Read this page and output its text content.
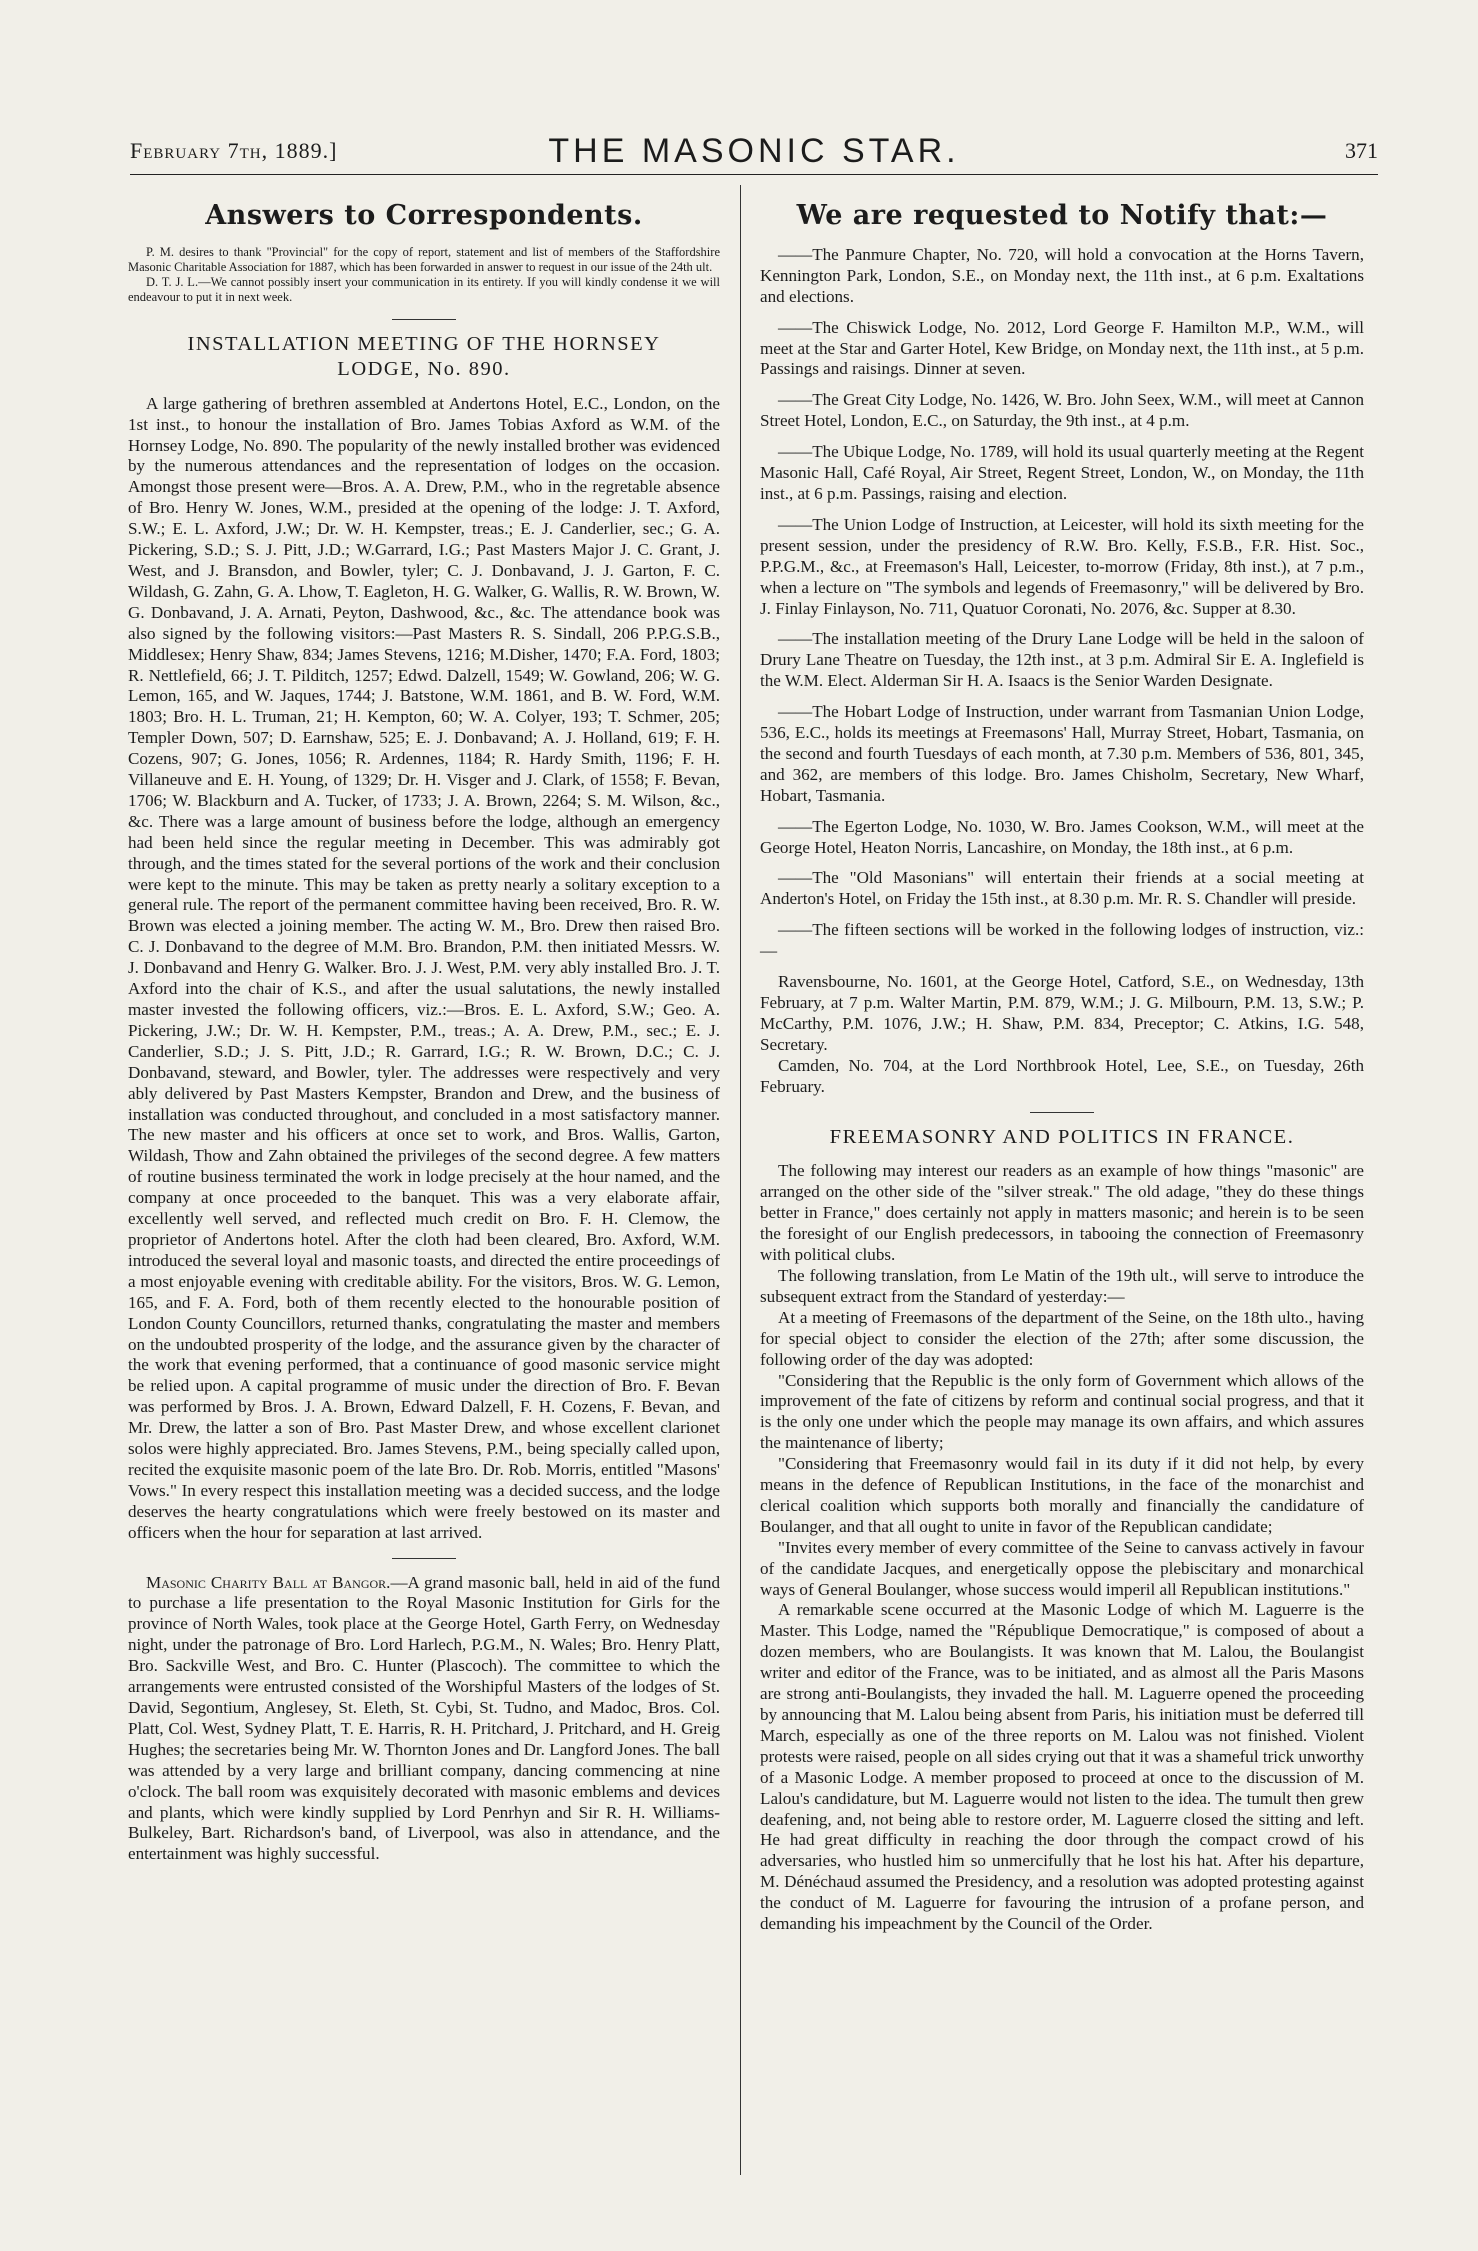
February 7th, 1889.]	THE MASONIC STAR.	371

Answers to Correspondents.

P. M. desires to thank "Provincial" for the copy of report, statement and list of members of the Staffordshire Masonic Charitable Association for 1887, which has been forwarded in answer to request in our issue of the 24th ult.

D. T. J. L.—We cannot possibly insert your communication in its entirety. If you will kindly condense it we will endeavour to put it in next week.

INSTALLATION MEETING OF THE HORNSEY

LODGE, No. 890.

A large gathering of brethren assembled at Andertons Hotel, E.C., London, on the 1st inst., to honour the installation of Bro. James Tobias Axford as W.M. of the Hornsey Lodge, No. 890. The popularity of the newly installed brother was evidenced by the numerous attendances and the representation of lodges on the occasion. Amongst those present were—Bros. A. A. Drew, P.M., who in the regretable absence of Bro. Henry W. Jones, W.M., presided at the opening of the lodge: J. T. Axford, S.W.; E. L. Axford, J.W.; Dr. W. H. Kempster, treas.; E. J. Canderlier, sec.; G. A. Pickering, S.D.; S. J. Pitt, J.D.; W.Garrard, I.G.; Past Masters Major J. C. Grant, J. West, and J. Bransdon, and Bowler, tyler; C. J. Donbavand, J. J. Garton, F. C. Wildash, G. Zahn, G. A. Lhow, T. Eagleton, H. G. Walker, G. Wallis, R. W. Brown, W. G. Donbavand, J. A. Arnati, Peyton, Dashwood, &c., &c. The attendance book was also signed by the following visitors:—Past Masters R. S. Sindall, 206 P.P.G.S.B., Middlesex; Henry Shaw, 834; James Stevens, 1216; M.Disher, 1470; F.A. Ford, 1803; R. Nettlefield, 66; J. T. Pilditch, 1257; Edwd. Dalzell, 1549; W. Gowland, 206; W. G. Lemon, 165, and W. Jaques, 1744; J. Batstone, W.M. 1861, and B. W. Ford, W.M. 1803; Bro. H. L. Truman, 21; H. Kempton, 60; W. A. Colyer, 193; T. Schmer, 205; Templer Down, 507; D. Earnshaw, 525; E. J. Donbavand; A. J. Holland, 619; F. H. Cozens, 907; G. Jones, 1056; R. Ardennes, 1184; R. Hardy Smith, 1196; F. H. Villaneuve and E. H. Young, of 1329; Dr. H. Visger and J. Clark, of 1558; F. Bevan, 1706; W. Blackburn and A. Tucker, of 1733; J. A. Brown, 2264; S. M. Wilson, &c., &c. There was a large amount of business before the lodge, although an emergency had been held since the regular meeting in December. This was admirably got through, and the times stated for the several portions of the work and their conclusion were kept to the minute. This may be taken as pretty nearly a solitary exception to a general rule. The report of the permanent committee having been received, Bro. R. W. Brown was elected a joining member. The acting W. M., Bro. Drew then raised Bro. C. J. Donbavand to the degree of M.M. Bro. Brandon, P.M. then initiated Messrs. W. J. Donbavand and Henry G. Walker. Bro. J. J. West, P.M. very ably installed Bro. J. T. Axford into the chair of K.S., and after the usual salutations, the newly installed master invested the following officers, viz.:—Bros. E. L. Axford, S.W.; Geo. A. Pickering, J.W.; Dr. W. H. Kempster, P.M., treas.; A. A. Drew, P.M., sec.; E. J. Canderlier, S.D.; J. S. Pitt, J.D.; R. Garrard, I.G.; R. W. Brown, D.C.; C. J. Donbavand, steward, and Bowler, tyler. The addresses were respectively and very ably delivered by Past Masters Kempster, Brandon and Drew, and the business of installation was conducted throughout, and concluded in a most satisfactory manner. The new master and his officers at once set to work, and Bros. Wallis, Garton, Wildash, Thow and Zahn obtained the privileges of the second degree. A few matters of routine business terminated the work in lodge precisely at the hour named, and the company at once proceeded to the banquet. This was a very elaborate affair, excellently well served, and reflected much credit on Bro. F. H. Clemow, the proprietor of Andertons hotel. After the cloth had been cleared, Bro. Axford, W.M. introduced the several loyal and masonic toasts, and directed the entire proceedings of a most enjoyable evening with creditable ability. For the visitors, Bros. W. G. Lemon, 165, and F. A. Ford, both of them recently elected to the honourable position of London County Councillors, returned thanks, congratulating the master and members on the undoubted prosperity of the lodge, and the assurance given by the character of the work that evening performed, that a continuance of good masonic service might be relied upon. A capital programme of music under the direction of Bro. F. Bevan was performed by Bros. J. A. Brown, Edward Dalzell, F. H. Cozens, F. Bevan, and Mr. Drew, the latter a son of Bro. Past Master Drew, and whose excellent clarionet solos were highly appreciated. Bro. James Stevens, P.M., being specially called upon, recited the exquisite masonic poem of the late Bro. Dr. Rob. Morris, entitled "Masons' Vows." In every respect this installation meeting was a decided success, and the lodge deserves the hearty congratulations which were freely bestowed on its master and officers when the hour for separation at last arrived.

Masonic Charity Ball at Bangor.—A grand masonic ball, held in aid of the fund to purchase a life presentation to the Royal Masonic Institution for Girls for the province of North Wales, took place at the George Hotel, Garth Ferry, on Wednesday night, under the patronage of Bro. Lord Harlech, P.G.M., N. Wales; Bro. Henry Platt, Bro. Sackville West, and Bro. C. Hunter (Plascoch). The committee to which the arrangements were entrusted consisted of the Worshipful Masters of the lodges of St. David, Segontium, Anglesey, St. Eleth, St. Cybi, St. Tudno, and Madoc, Bros. Col. Platt, Col. West, Sydney Platt, T. E. Harris, R. H. Pritchard, J. Pritchard, and H. Greig Hughes; the secretaries being Mr. W. Thornton Jones and Dr. Langford Jones. The ball was attended by a very large and brilliant company, dancing commencing at nine o'clock. The ball room was exquisitely decorated with masonic emblems and devices and plants, which were kindly supplied by Lord Penrhyn and Sir R. H. Williams-Bulkeley, Bart. Richardson's band, of Liverpool, was also in attendance, and the entertainment was highly successful.

We are requested to Notify that:—

——The Panmure Chapter, No. 720, will hold a convocation at the Horns Tavern, Kennington Park, London, S.E., on Monday next, the 11th inst., at 6 p.m. Exaltations and elections.

——The Chiswick Lodge, No. 2012, Lord George F. Hamilton M.P., W.M., will meet at the Star and Garter Hotel, Kew Bridge, on Monday next, the 11th inst., at 5 p.m. Passings and raisings. Dinner at seven.

——The Great City Lodge, No. 1426, W. Bro. John Seex, W.M., will meet at Cannon Street Hotel, London, E.C., on Saturday, the 9th inst., at 4 p.m.

——The Ubique Lodge, No. 1789, will hold its usual quarterly meeting at the Regent Masonic Hall, Café Royal, Air Street, Regent Street, London, W., on Monday, the 11th inst., at 6 p.m. Passings, raising and election.

——The Union Lodge of Instruction, at Leicester, will hold its sixth meeting for the present session, under the presidency of R.W. Bro. Kelly, F.S.B., F.R. Hist. Soc., P.P.G.M., &c., at Freemason's Hall, Leicester, to-morrow (Friday, 8th inst.), at 7 p.m., when a lecture on "The symbols and legends of Freemasonry," will be delivered by Bro. J. Finlay Finlayson, No. 711, Quatuor Coronati, No. 2076, &c. Supper at 8.30.

——The installation meeting of the Drury Lane Lodge will be held in the saloon of Drury Lane Theatre on Tuesday, the 12th inst., at 3 p.m. Admiral Sir E. A. Inglefield is the W.M. Elect. Alderman Sir H. A. Isaacs is the Senior Warden Designate.

——The Hobart Lodge of Instruction, under warrant from Tasmanian Union Lodge, 536, E.C., holds its meetings at Freemasons' Hall, Murray Street, Hobart, Tasmania, on the second and fourth Tuesdays of each month, at 7.30 p.m. Members of 536, 801, 345, and 362, are members of this lodge. Bro. James Chisholm, Secretary, New Wharf, Hobart, Tasmania.

——The Egerton Lodge, No. 1030, W. Bro. James Cookson, W.M., will meet at the George Hotel, Heaton Norris, Lancashire, on Monday, the 18th inst., at 6 p.m.

——The "Old Masonians" will entertain their friends at a social meeting at Anderton's Hotel, on Friday the 15th inst., at 8.30 p.m. Mr. R. S. Chandler will preside.

——The fifteen sections will be worked in the following lodges of instruction, viz.:—

Ravensbourne, No. 1601, at the George Hotel, Catford, S.E., on Wednesday, 13th February, at 7 p.m. Walter Martin, P.M. 879, W.M.; J. G. Milbourn, P.M. 13, S.W.; P. McCarthy, P.M. 1076, J.W.; H. Shaw, P.M. 834, Preceptor; C. Atkins, I.G. 548, Secretary.

Camden, No. 704, at the Lord Northbrook Hotel, Lee, S.E., on Tuesday, 26th February.

FREEMASONRY AND POLITICS IN FRANCE.

The following may interest our readers as an example of how things "masonic" are arranged on the other side of the "silver streak." The old adage, "they do these things better in France," does certainly not apply in matters masonic; and herein is to be seen the foresight of our English predecessors, in tabooing the connection of Freemasonry with political clubs.

The following translation, from Le Matin of the 19th ult., will serve to introduce the subsequent extract from the Standard of yesterday:—

At a meeting of Freemasons of the department of the Seine, on the 18th ulto., having for special object to consider the election of the 27th; after some discussion, the following order of the day was adopted:

"Considering that the Republic is the only form of Government which allows of the improvement of the fate of citizens by reform and continual social progress, and that it is the only one under which the people may manage its own affairs, and which assures the maintenance of liberty;

"Considering that Freemasonry would fail in its duty if it did not help, by every means in the defence of Republican Institutions, in the face of the monarchist and clerical coalition which supports both morally and financially the candidature of Boulanger, and that all ought to unite in favor of the Republican candidate;

"Invites every member of every committee of the Seine to canvass actively in favour of the candidate Jacques, and energetically oppose the plebiscitary and monarchical ways of General Boulanger, whose success would imperil all Republican institutions."

A remarkable scene occurred at the Masonic Lodge of which M. Laguerre is the Master. This Lodge, named the "République Democratique," is composed of about a dozen members, who are Boulangists. It was known that M. Lalou, the Boulangist writer and editor of the France, was to be initiated, and as almost all the Paris Masons are strong anti-Boulangists, they invaded the hall. M. Laguerre opened the proceeding by announcing that M. Lalou being absent from Paris, his initiation must be deferred till March, especially as one of the three reports on M. Lalou was not finished. Violent protests were raised, people on all sides crying out that it was a shameful trick unworthy of a Masonic Lodge. A member proposed to proceed at once to the discussion of M. Lalou's candidature, but M. Laguerre would not listen to the idea. The tumult then grew deafening, and, not being able to restore order, M. Laguerre closed the sitting and left. He had great difficulty in reaching the door through the compact crowd of his adversaries, who hustled him so unmercifully that he lost his hat. After his departure, M. Dénéchaud assumed the Presidency, and a resolution was adopted protesting against the conduct of M. Laguerre for favouring the intrusion of a profane person, and demanding his impeachment by the Council of the Order.
